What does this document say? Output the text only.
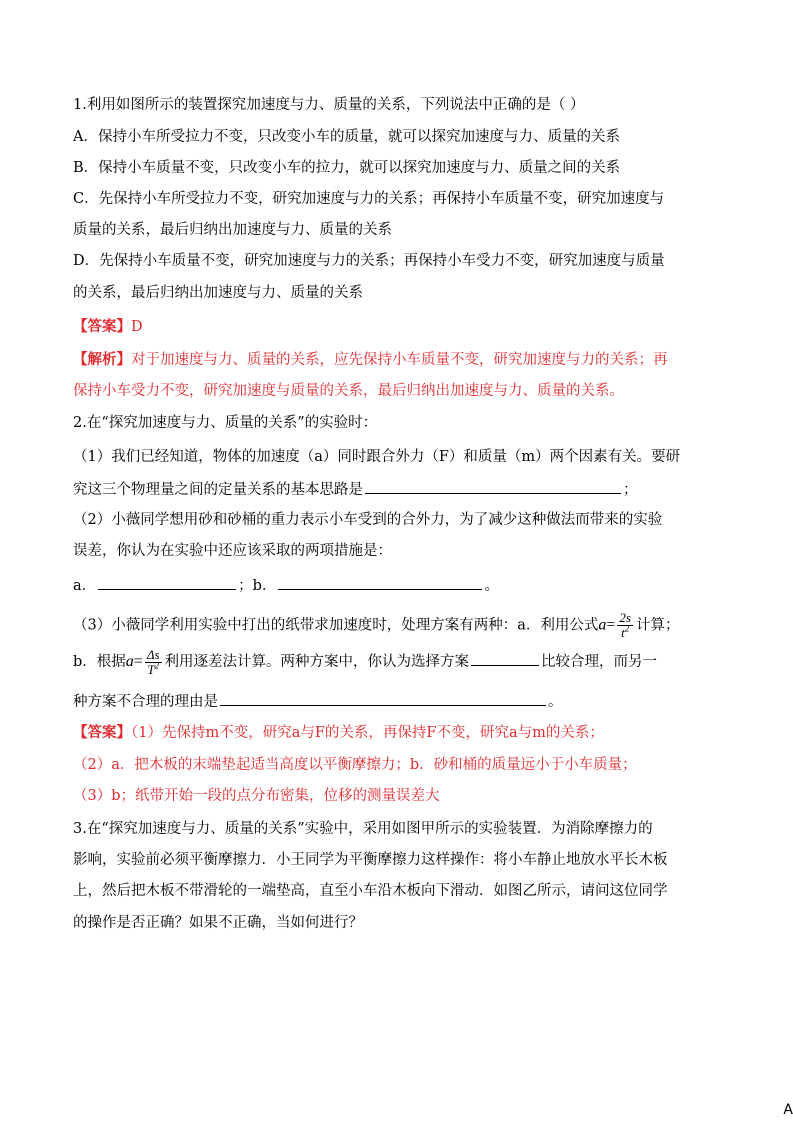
1.利用如图所示的装置探究加速度与力、质量的关系，下列说法中正确的是（ ）
A．保持小车所受拉力不变，只改变小车的质量，就可以探究加速度与力、质量的关系
B．保持小车质量不变，只改变小车的拉力，就可以探究加速度与力、质量之间的关系
C．先保持小车所受拉力不变，研究加速度与力的关系；再保持小车质量不变，研究加速度与
质量的关系，最后归纳出加速度与力、质量的关系
D．先保持小车质量不变，研究加速度与力的关系；再保持小车受力不变，研究加速度与质量
的关系，最后归纳出加速度与力、质量的关系
【答案】D
【解析】对于加速度与力、质量的关系，应先保持小车质量不变，研究加速度与力的关系；再
保持小车受力不变，研究加速度与质量的关系，最后归纳出加速度与力、质量的关系。
2.在“探究加速度与力、质量的关系”的实验时：
（1）我们已经知道，物体的加速度（a）同时跟合外力（F）和质量（m）两个因素有关。要研
究这三个物理量之间的定量关系的基本思路是	；
（2）小薇同学想用砂和砂桶的重力表示小车受到的合外力，为了减少这种做法而带来的实验
误差，你认为在实验中还应该采取的两项措施是：
a．	；b．	。
（3）小薇同学利用实验中打出的纸带求加速度时，处理方案有两种：a．利用公式$a= \frac{2s}{t^2}$ 计算；
b．根据$a= \frac{\Delta s}{T^2}$ 利用逐差法计算。两种方案中，你认为选择方案	比较合理，而另一
种方案不合理的理由是	。
【答案】（1）先保持m不变，研究a与F的关系，再保持F不变，研究a与m的关系；
（2）a．把木板的末端垫起适当高度以平衡摩擦力；b．砂和桶的质量远小于小车质量；
（3）b；纸带开始一段的点分布密集，位移的测量误差大
3.在“探究加速度与力、质量的关系”实验中，采用如图甲所示的实验装置．为消除摩擦力的
影响，实验前必须平衡摩擦力．小王同学为平衡摩擦力这样操作：将小车静止地放水平长木板
上，然后把木板不带滑轮的一端垫高，直至小车沿木板向下滑动．如图乙所示，请问这位同学
的操作是否正确？如果不正确，当如何进行？
A
